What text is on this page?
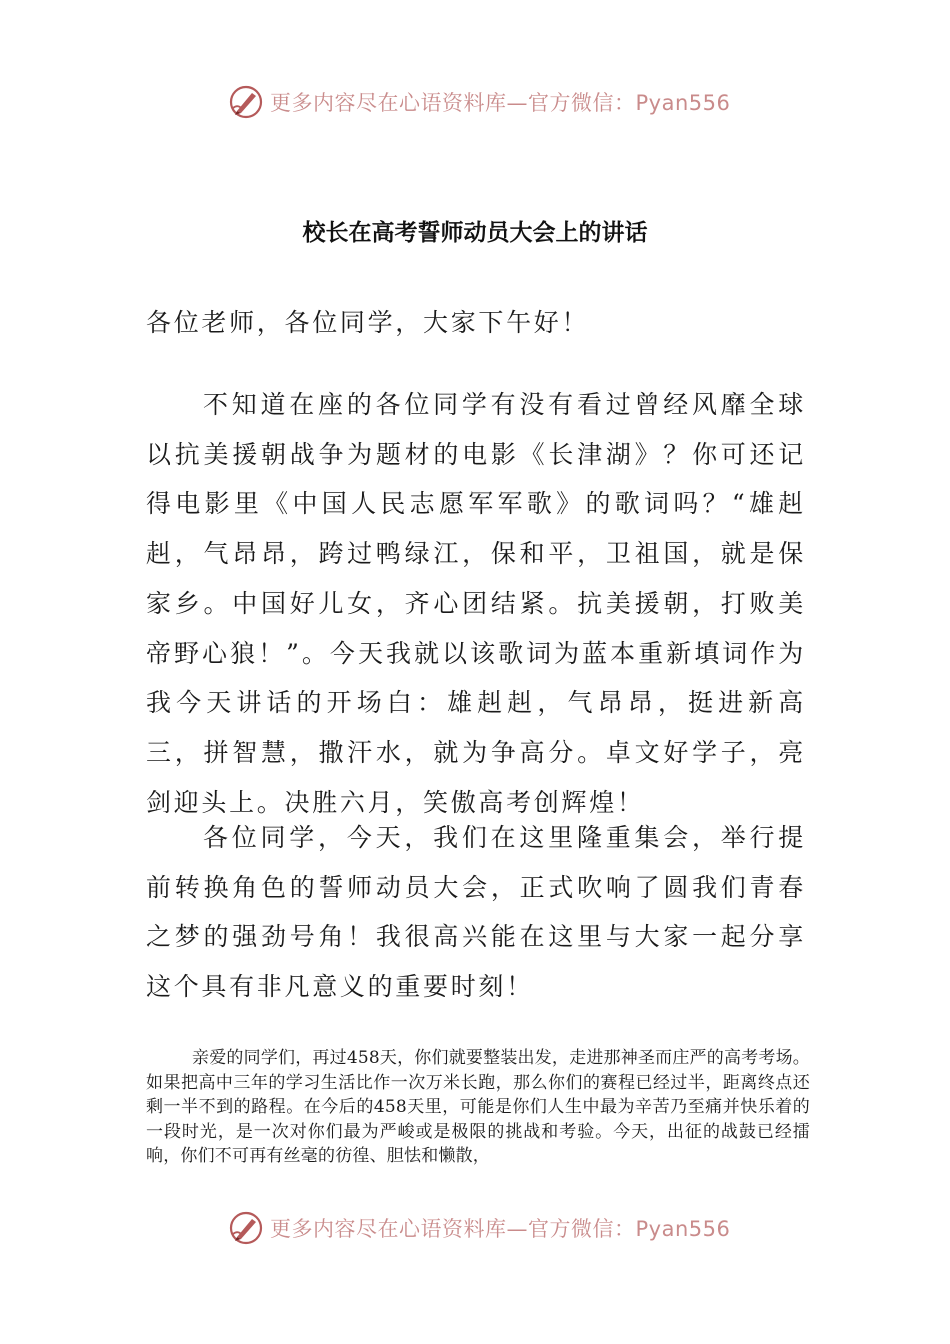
更多内容尽在心语资料库—官方微信：Pyan556
校长在高考誓师动员大会上的讲话

各位老师，各位同学，大家下午好！

不知道在座的各位同学有没有看过曾经风靡全球以抗美援朝战争为题材的电影《长津湖》？你可还记得电影里《中国人民志愿军军歌》的歌词吗？“雄赳赳，气昂昂，跨过鸭绿江，保和平，卫祖国，就是保家乡。中国好儿女，齐心团结紧。抗美援朝，打败美帝野心狼！”。今天我就以该歌词为蓝本重新填词作为我今天讲话的开场白：雄赳赳，气昂昂，挺进新高三，拼智慧，撒汗水，就为争高分。卓文好学子，亮剑迎头上。决胜六月，笑傲高考创辉煌！

各位同学，今天，我们在这里隆重集会，举行提前转换角色的誓师动员大会，正式吹响了圆我们青春之梦的强劲号角！我很高兴能在这里与大家一起分享这个具有非凡意义的重要时刻！

亲爱的同学们，再过458天，你们就要整装出发，走进那神圣而庄严的高考考场。如果把高中三年的学习生活比作一次万米长跑，那么你们的赛程已经过半，距离终点还剩一半不到的路程。在今后的458天里，可能是你们人生中最为辛苦乃至痛并快乐着的一段时光，是一次对你们最为严峻或是极限的挑战和考验。今天，出征的战鼓已经擂响，你们不可再有丝毫的彷徨、胆怯和懒散，

更多内容尽在心语资料库—官方微信：Pyan556
